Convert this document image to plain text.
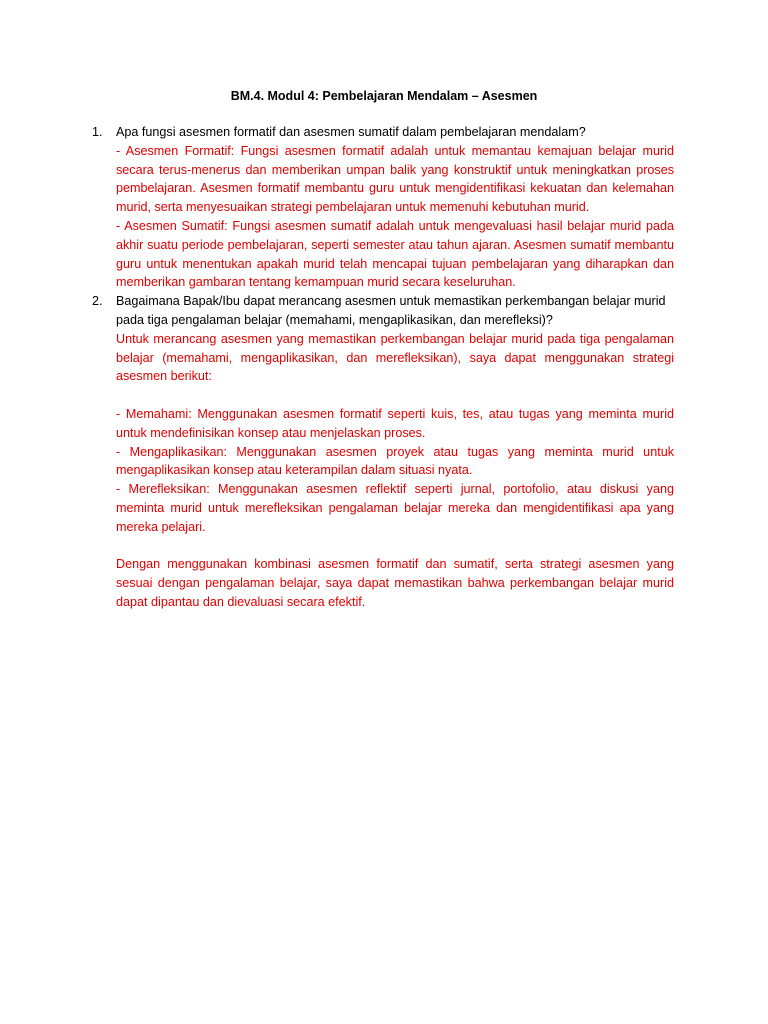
BM.4. Modul 4: Pembelajaran Mendalam – Asesmen
1. Apa fungsi asesmen formatif dan asesmen sumatif dalam pembelajaran mendalam?
- Asesmen Formatif: Fungsi asesmen formatif adalah untuk memantau kemajuan belajar murid secara terus-menerus dan memberikan umpan balik yang konstruktif untuk meningkatkan proses pembelajaran. Asesmen formatif membantu guru untuk mengidentifikasi kekuatan dan kelemahan murid, serta menyesuaikan strategi pembelajaran untuk memenuhi kebutuhan murid.
- Asesmen Sumatif: Fungsi asesmen sumatif adalah untuk mengevaluasi hasil belajar murid pada akhir suatu periode pembelajaran, seperti semester atau tahun ajaran. Asesmen sumatif membantu guru untuk menentukan apakah murid telah mencapai tujuan pembelajaran yang diharapkan dan memberikan gambaran tentang kemampuan murid secara keseluruhan.
2. Bagaimana Bapak/Ibu dapat merancang asesmen untuk memastikan perkembangan belajar murid pada tiga pengalaman belajar (memahami, mengaplikasikan, dan merefleksi)?
Untuk merancang asesmen yang memastikan perkembangan belajar murid pada tiga pengalaman belajar (memahami, mengaplikasikan, dan merefleksikan), saya dapat menggunakan strategi asesmen berikut:
- Memahami: Menggunakan asesmen formatif seperti kuis, tes, atau tugas yang meminta murid untuk mendefinisikan konsep atau menjelaskan proses.
- Mengaplikasikan: Menggunakan asesmen proyek atau tugas yang meminta murid untuk mengaplikasikan konsep atau keterampilan dalam situasi nyata.
- Merefleksikan: Menggunakan asesmen reflektif seperti jurnal, portofolio, atau diskusi yang meminta murid untuk merefleksikan pengalaman belajar mereka dan mengidentifikasi apa yang mereka pelajari.
Dengan menggunakan kombinasi asesmen formatif dan sumatif, serta strategi asesmen yang sesuai dengan pengalaman belajar, saya dapat memastikan bahwa perkembangan belajar murid dapat dipantau dan dievaluasi secara efektif.
